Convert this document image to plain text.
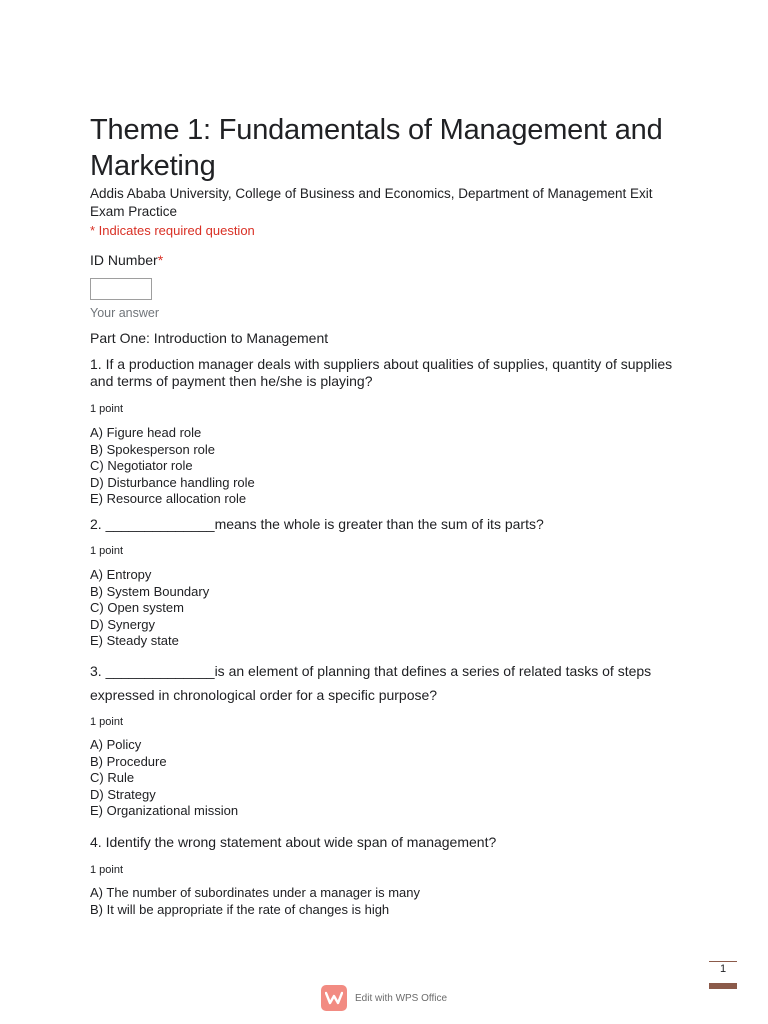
Theme 1: Fundamentals of Management and Marketing
Addis Ababa University, College of Business and Economics, Department of Management Exit Exam Practice
* Indicates required question
ID Number*
Your answer
Part One: Introduction to Management
1. If a production manager deals with suppliers about qualities of supplies, quantity of supplies and terms of payment then he/she is playing?
1 point
A) Figure head role
B) Spokesperson role
C) Negotiator role
D) Disturbance handling role
E) Resource allocation role
2. ______________means the whole is greater than the sum of its parts?
1 point
A) Entropy
B) System Boundary
C) Open system
D) Synergy
E) Steady state
3. ______________is an element of planning that defines a series of related tasks of steps expressed in chronological order for a specific purpose?
1 point
A) Policy
B) Procedure
C) Rule
D) Strategy
E) Organizational mission
4. Identify the wrong statement about wide span of management?
1 point
A) The number of subordinates under a manager is many
B) It will be appropriate if the rate of changes is high
1
Edit with WPS Office
